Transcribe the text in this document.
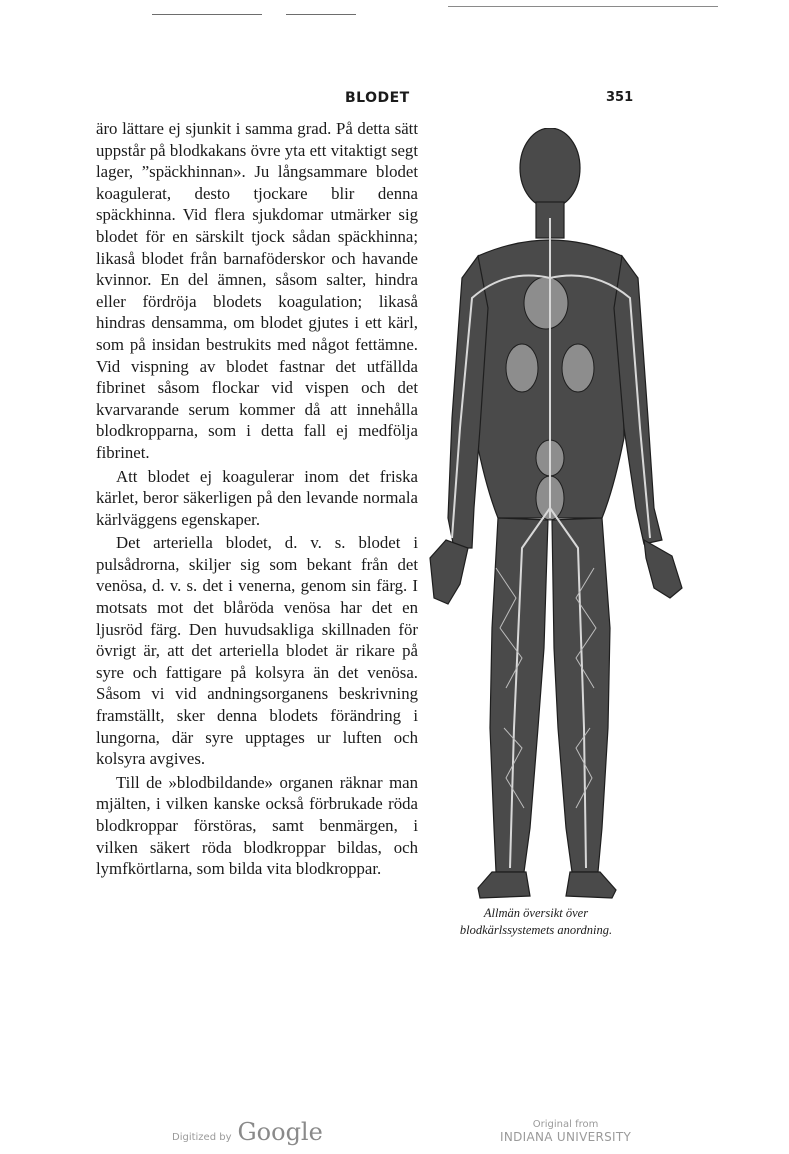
BLODET	351

äro lättare ej sjunkit i samma grad. På detta sätt uppstår på blodkakans övre yta ett vitaktigt segt lager, ”späckhinnan». Ju långsammare blodet koagulerat, desto tjockare blir denna späckhinna. Vid flera sjukdomar utmärker sig blodet för en särskilt tjock sådan späckhinna; likaså blodet från barnaföderskor och havande kvinnor. En del ämnen, såsom salter, hindra eller fördröja blodets koagulation; likaså hindras densamma, om blodet gjutes i ett kärl, som på insidan bestrukits med något fettämne. Vid vispning av blodet fastnar det utfällda fibrinet såsom flockar vid vispen och det kvarvarande serum kommer då att innehålla blodkropparna, som i detta fall ej medfölja fibrinet.

Att blodet ej koagulerar inom det friska kärlet, beror säkerligen på den levande normala kärlväggens egenskaper.

Det arteriella blodet, d. v. s. blodet i pulsådrorna, skiljer sig som bekant från det venösa, d. v. s. det i venerna, genom sin färg. I motsats mot det blåröda venösa har det en ljusröd färg. Den huvudsakliga skillnaden för övrigt är, att det arteriella blodet är rikare på syre och fattigare på kolsyra än det venösa. Såsom vi vid andningsorganens beskrivning framställt, sker denna blodets förändring i lungorna, där syre upptages ur luften och kolsyra avgives.

Till de »blodbildande» organen räknar man mjälten, i vilken kanske också förbrukade röda blodkroppar förstöras, samt benmärgen, i vilken säkert röda blodkroppar bildas, och lymfkörtlarna, som bilda vita blodkroppar.

Allmän översikt över blodkärlssystemets anordning.
Digitized by Google	Original from
INDIANA UNIVERSITY
